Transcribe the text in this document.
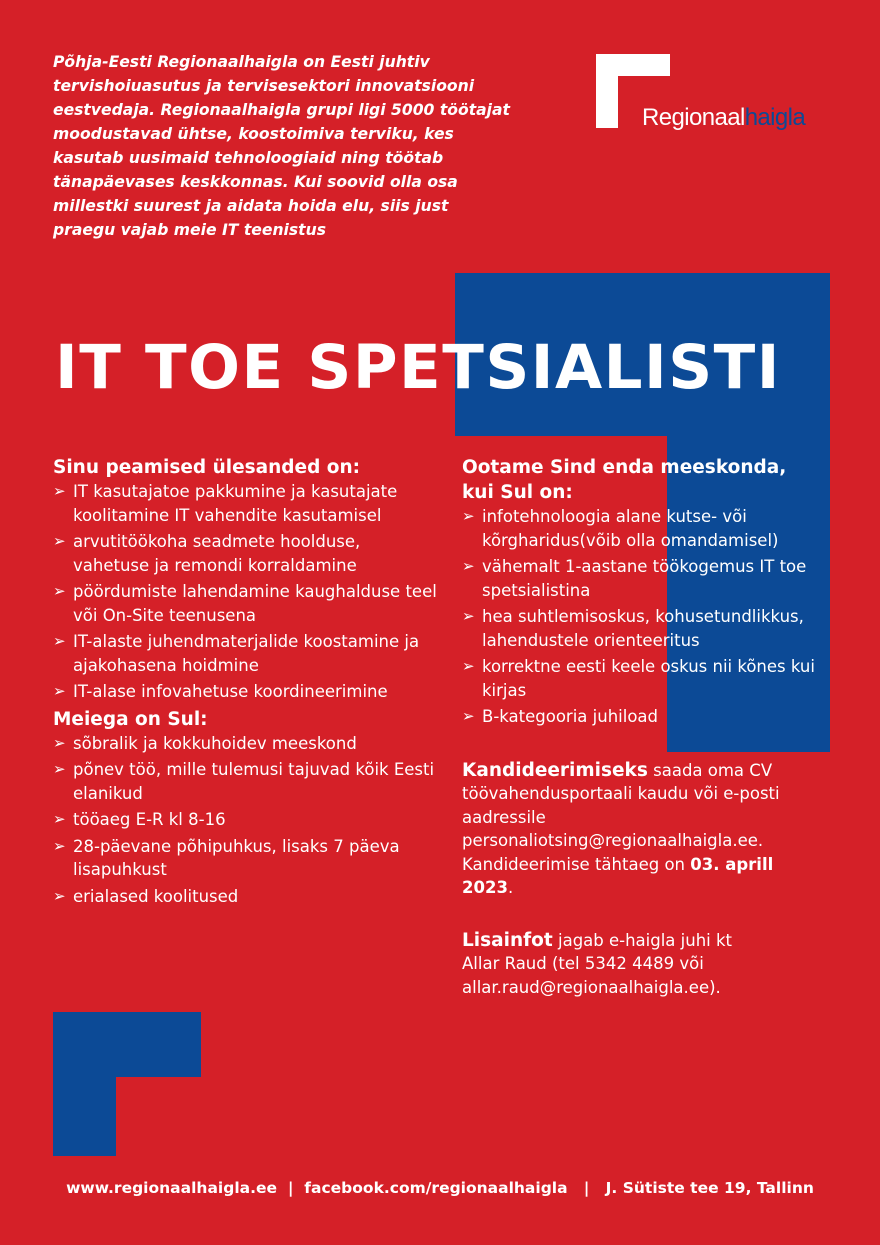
Põhja-Eesti Regionaalhaigla on Eesti juhtiv tervishoiuasutus ja tervisesektori innovatsiooni eestvedaja. Regionaalhaigla grupi ligi 5000 töötajat moodustavad ühtse, koostoimiva terviku, kes kasutab uusimaid tehnoloogiaid ning töötab tänapäevases keskkonnas. Kui soovid olla osa millestki suurest ja aidata hoida elu, siis just praegu vajab meie IT teenistus

Regionaalhaigla
IT TOE SPETSIALISTI
Sinu peamised ülesanded on:
➢ IT kasutajatoe pakkumine ja kasutajate koolitamine IT vahendite kasutamisel
➢ arvutitöökoha seadmete hoolduse, vahetuse ja remondi korraldamine
➢ pöördumiste lahendamine kaughalduse teel või On-Site teenusena
➢ IT-alaste juhendmaterjalide koostamine ja ajakohasena hoidmine
➢ IT-alase infovahetuse koordineerimine
Meiega on Sul:
➢ sõbralik ja kokkuhoidev meeskond
➢ põnev töö, mille tulemusi tajuvad kõik Eesti elanikud
➢ tööaeg E-R kl 8-16
➢ 28-päevane põhipuhkus, lisaks 7 päeva lisapuhkust
➢ erialased koolitused
Ootame Sind enda meeskonda, kui Sul on:
➢ infotehnoloogia alane kutse- või kõrgharidus(võib olla omandamisel)
➢ vähemalt 1-aastane töökogemus IT toe spetsialistina
➢ hea suhtlemisoskus, kohusetundlikkus, lahendustele orienteeritus
➢ korrektne eesti keele oskus nii kõnes kui kirjas
➢ B-kategooria juhiload

Kandideerimiseks saada oma CV töövahendusportaali kaudu või e-posti aadressile personaliotsing@regionaalhaigla.ee. Kandideerimise tähtaeg on 03. aprill 2023.

Lisainfot jagab e-haigla juhi kt Allar Raud (tel 5342 4489 või allar.raud@regionaalhaigla.ee).

www.regionaalhaigla.ee | facebook.com/regionaalhaigla | J. Sütiste tee 19, Tallinn
